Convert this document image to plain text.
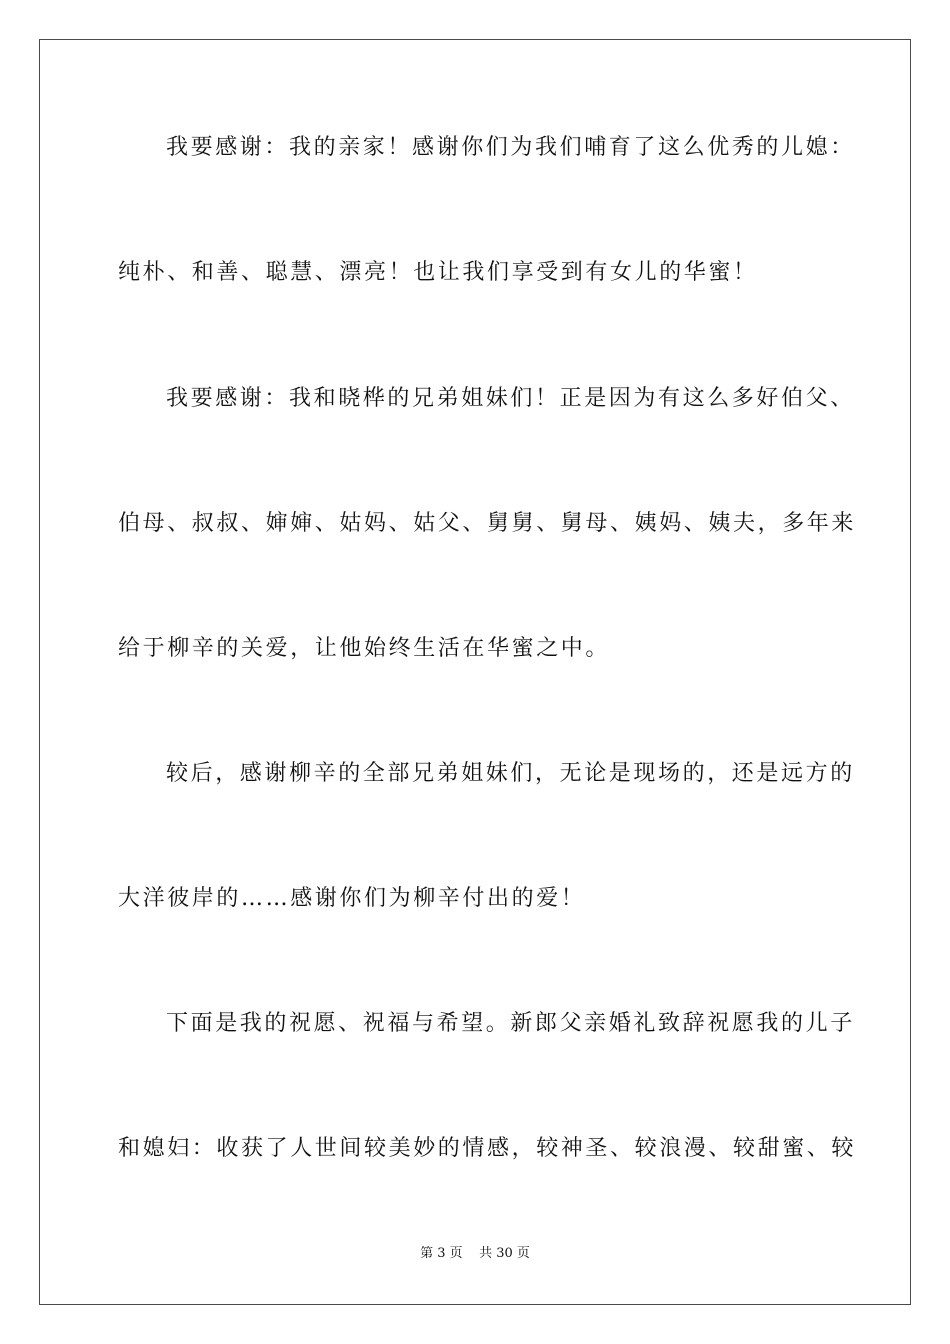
我要感谢：我的亲家！感谢你们为我们哺育了这么优秀的儿媳：

纯朴、和善、聪慧、漂亮！也让我们享受到有女儿的华蜜！

我要感谢：我和晓桦的兄弟姐妹们！正是因为有这么多好伯父、

伯母、叔叔、婶婶、姑妈、姑父、舅舅、舅母、姨妈、姨夫，多年来

给于柳辛的关爱，让他始终生活在华蜜之中。

较后，感谢柳辛的全部兄弟姐妹们，无论是现场的，还是远方的

大洋彼岸的……感谢你们为柳辛付出的爱！

下面是我的祝愿、祝福与希望。新郎父亲婚礼致辞祝愿我的儿子

和媳妇：收获了人世间较美妙的情感，较神圣、较浪漫、较甜蜜、较

第 3 页    共 30 页
